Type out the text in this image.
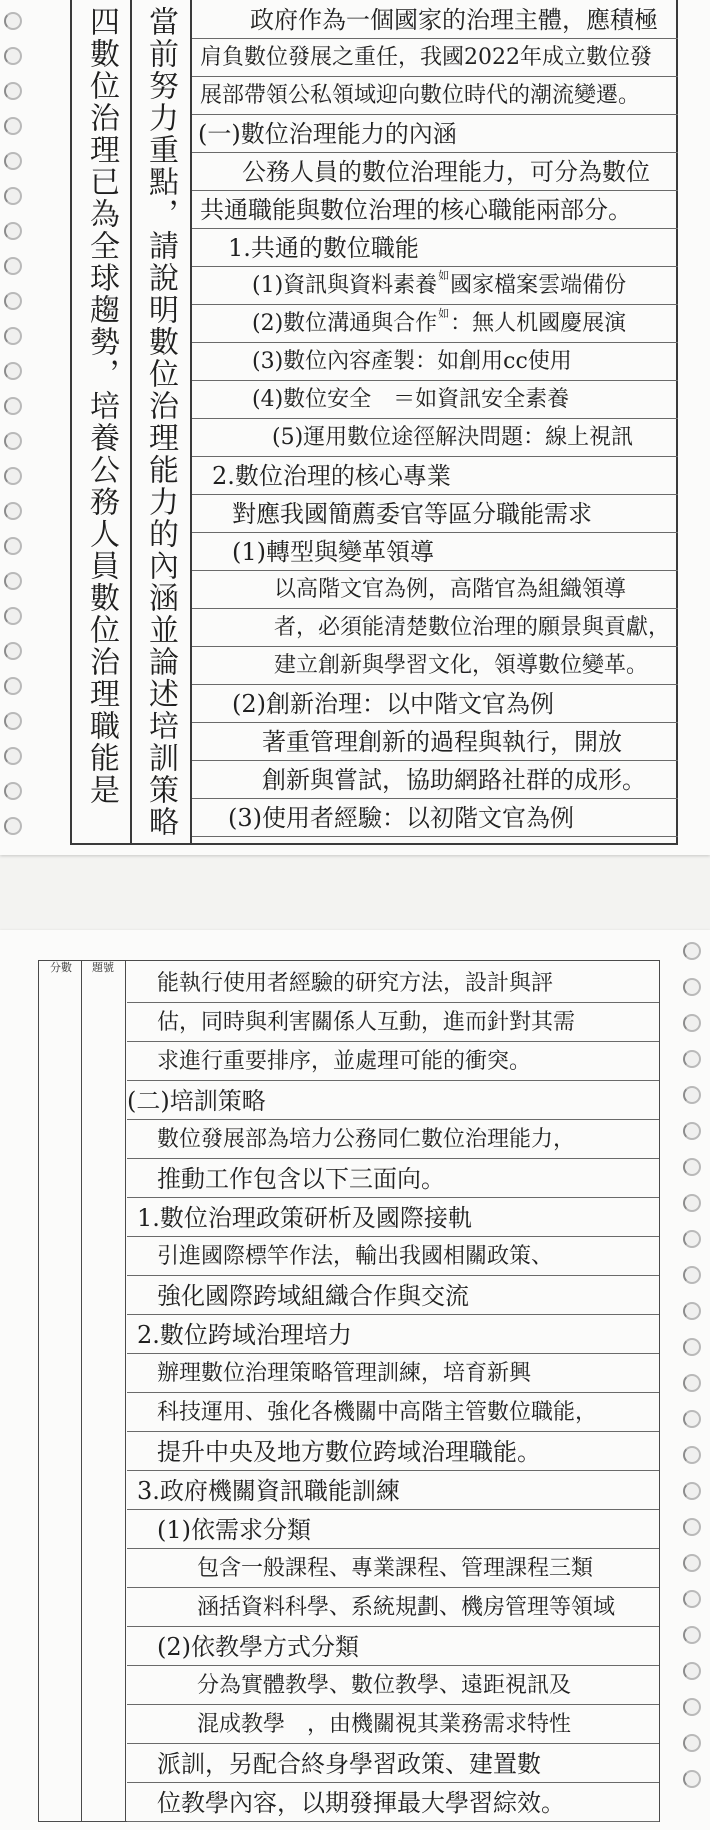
四數位治理已為全球趨勢，培養公務人員數位治理職能是 當前努力重點，請說明數位治理能力的內涵並論述培訓策略	政府作為一個國家的治理主體，應積極
肩負數位發展之重任，我國2022年成立數位發
展部帶領公私領域迎向數位時代的潮流變遷。
(一)數位治理能力的內涵
公務人員的數位治理能力，可分為數位
共通職能與數位治理的核心職能兩部分。
1.共通的數位職能
(1)資訊與資料素養$^如$國家檔案雲端備份
(2)數位溝通與合作$^如$：無人机國慶展演
(3)數位內容產製：如創用cc使用
(4)數位安全　＝如資訊安全素養
(5)運用數位途徑解決問題：線上視訊
2.數位治理的核心專業
對應我國簡薦委官等區分職能需求
(1)轉型與變革領導
以高階文官為例，高階官為組織領導
者，必須能清楚數位治理的願景與貢獻，
建立創新與學習文化，領導數位變革。
(2)創新治理：以中階文官為例
著重管理創新的過程與執行，開放
創新與嘗試，協助網路社群的成形。
(3)使用者經驗：以初階文官為例
分數	題號
能執行使用者經驗的研究方法，設計與評
估，同時與利害關係人互動，進而針對其需
求進行重要排序，並處理可能的衝突。
(二)培訓策略
數位發展部為培力公務同仁數位治理能力，
推動工作包含以下三面向。
1.數位治理政策研析及國際接軌
引進國際標竿作法，輸出我國相關政策、
強化國際跨域組織合作與交流
2.數位跨域治理培力
辦理數位治理策略管理訓練，培育新興
科技運用、強化各機關中高階主管數位職能，
提升中央及地方數位跨域治理職能。
3.政府機關資訊職能訓練
(1)依需求分類
包含一般課程、專業課程、管理課程三類
涵括資料科學、系統規劃、機房管理等領域
(2)依教學方式分類
分為實體教學、數位教學、遠距視訊及
混成教學　，由機關視其業務需求特性
派訓，另配合終身學習政策、建置數
位教學內容，以期發揮最大學習綜效。
